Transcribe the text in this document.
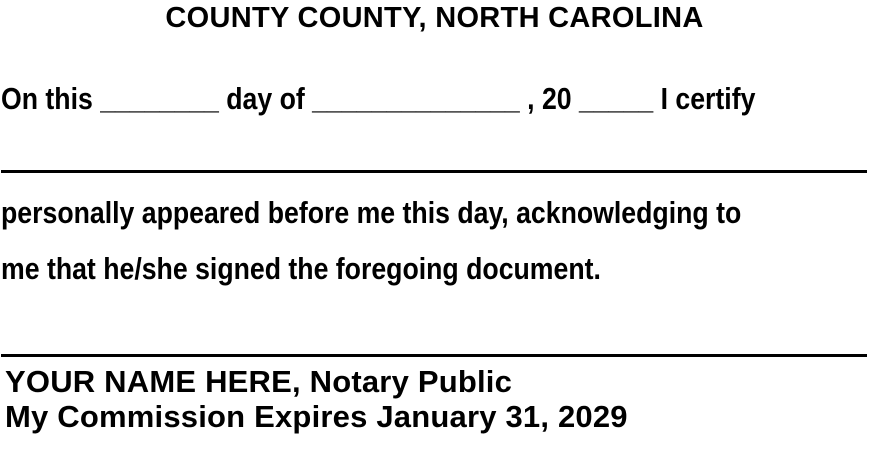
COUNTY COUNTY, NORTH CAROLINA
On this ________ day of ______________ , 20 _____ I certify
personally appeared before me this day, acknowledging to
me that he/she signed the foregoing document.
YOUR NAME HERE, Notary Public
My Commission Expires January 31, 2029
